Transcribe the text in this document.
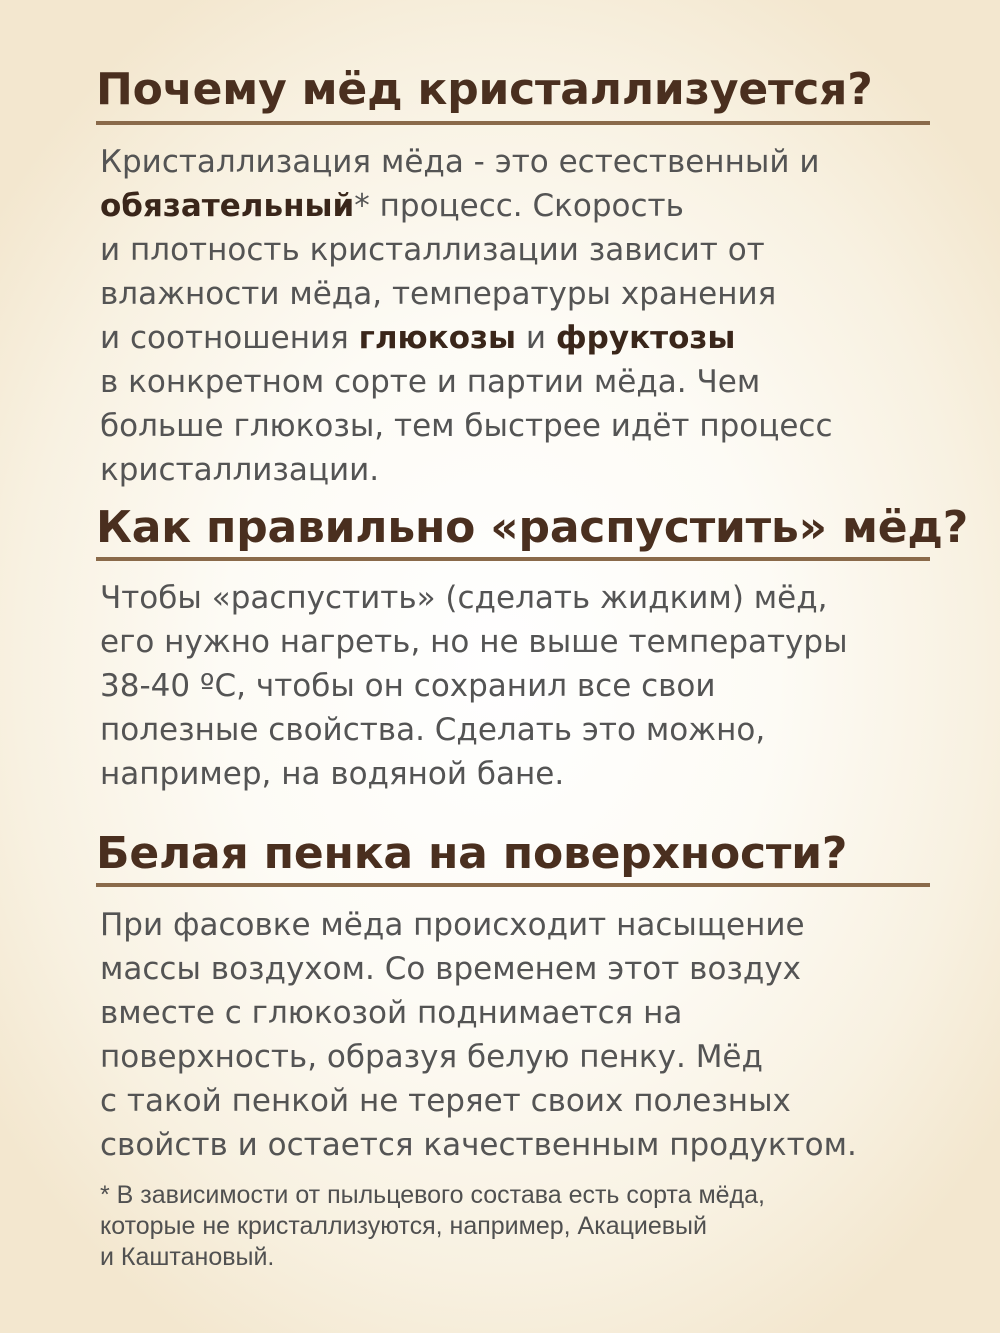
Почему мёд кристаллизуется?
Кристаллизация мёда - это естественный и
обязательный* процесс. Скорость
и плотность кристаллизации зависит от
влажности мёда, температуры хранения
и соотношения глюкозы и фруктозы
в конкретном сорте и партии мёда. Чем
больше глюкозы, тем быстрее идёт процесс
кристаллизации.
Как правильно «распустить» мёд?
Чтобы «распустить» (сделать жидким) мёд,
его нужно нагреть, но не выше температуры
38-40 ºС, чтобы он сохранил все свои
полезные свойства. Сделать это можно,
например, на водяной бане.
Белая пенка на поверхности?
При фасовке мёда происходит насыщение
массы воздухом. Со временем этот воздух
вместе с глюкозой поднимается на
поверхность, образуя белую пенку. Мёд
с такой пенкой не теряет своих полезных
свойств и остается качественным продуктом.
* В зависимости от пыльцевого состава есть сорта мёда,
которые не кристаллизуются, например, Акациевый
и Каштановый.
